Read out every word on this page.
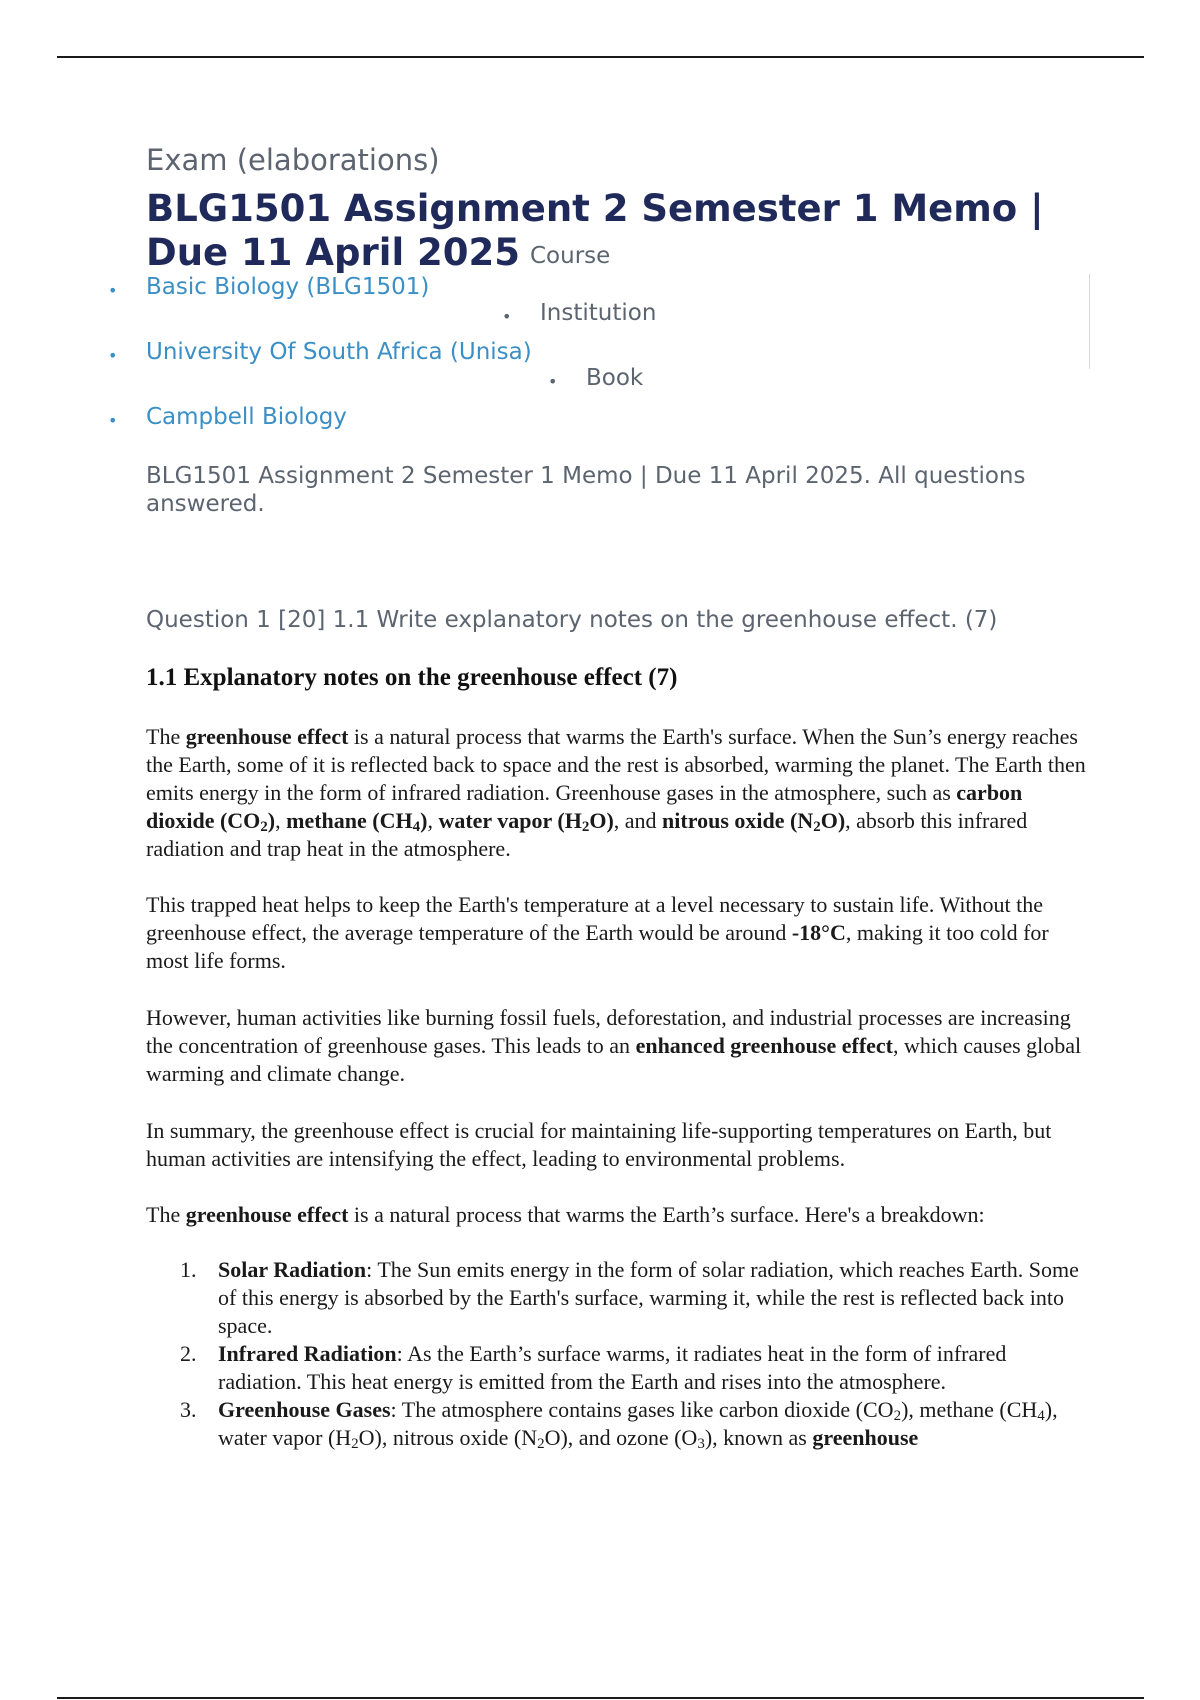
Exam (elaborations)
BLG1501 Assignment 2 Semester 1 Memo | Due 11 April 2025 Course
• Basic Biology (BLG1501)
• Institution
• University Of South Africa (Unisa)
• Book
• Campbell Biology
BLG1501 Assignment 2 Semester 1 Memo | Due 11 April 2025. All questions answered.
Question 1 [20] 1.1 Write explanatory notes on the greenhouse effect. (7)
1.1 Explanatory notes on the greenhouse effect (7)
The greenhouse effect is a natural process that warms the Earth's surface. When the Sun’s energy reaches the Earth, some of it is reflected back to space and the rest is absorbed, warming the planet. The Earth then emits energy in the form of infrared radiation. Greenhouse gases in the atmosphere, such as carbon dioxide $(CO_2)$, methane $(CH_4)$, water vapor $(H_2O)$, and nitrous oxide $(N_2O)$, absorb this infrared radiation and trap heat in the atmosphere.
This trapped heat helps to keep the Earth's temperature at a level necessary to sustain life. Without the greenhouse effect, the average temperature of the Earth would be around -18°C, making it too cold for most life forms.
However, human activities like burning fossil fuels, deforestation, and industrial processes are increasing the concentration of greenhouse gases. This leads to an enhanced greenhouse effect, which causes global warming and climate change.
In summary, the greenhouse effect is crucial for maintaining life-supporting temperatures on Earth, but human activities are intensifying the effect, leading to environmental problems.
The greenhouse effect is a natural process that warms the Earth’s surface. Here's a breakdown:
1. Solar Radiation: The Sun emits energy in the form of solar radiation, which reaches Earth. Some of this energy is absorbed by the Earth's surface, warming it, while the rest is reflected back into space.
2. Infrared Radiation: As the Earth’s surface warms, it radiates heat in the form of infrared radiation. This heat energy is emitted from the Earth and rises into the atmosphere.
3. Greenhouse Gases: The atmosphere contains gases like carbon dioxide $(CO_2)$, methane $(CH_4)$, water vapor $(H_2O)$, nitrous oxide $(N_2O)$, and ozone $(O_3)$, known as greenhouse
